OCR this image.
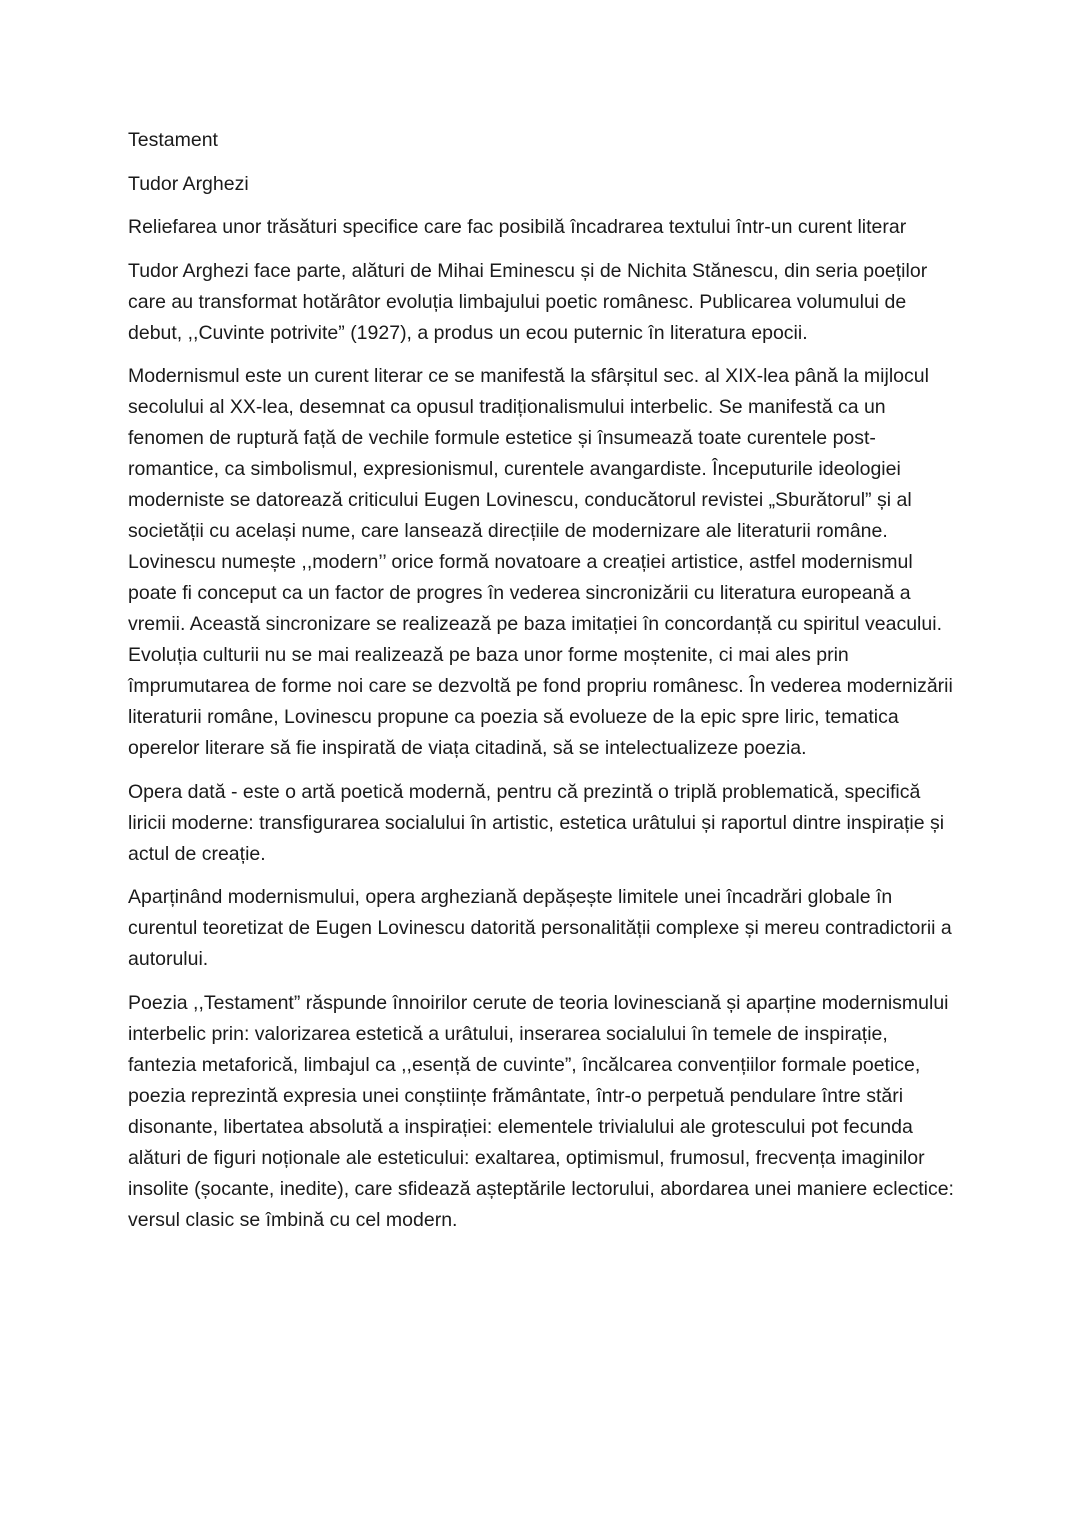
Testament

Tudor Arghezi

Reliefarea unor trăsături specifice care fac posibilă încadrarea textului într-un curent literar

Tudor Arghezi face parte, alături de Mihai Eminescu și de Nichita Stănescu, din seria poeților care au transformat hotărâtor evoluția limbajului poetic românesc. Publicarea volumului de debut, ,,Cuvinte potrivite” (1927), a produs un ecou puternic în literatura epocii.

Modernismul este un curent literar ce se manifestă la sfârșitul sec. al XIX-lea până la mijlocul secolului al XX-lea, desemnat ca opusul tradiționalismului interbelic. Se manifestă ca un fenomen de ruptură față de vechile formule estetice și însumează toate curentele post-romantice, ca simbolismul, expresionismul, curentele avangardiste. Începuturile ideologiei moderniste se datorează criticului Eugen Lovinescu, conducătorul revistei „Sburătorul” și al societății cu același nume, care lansează direcțiile de modernizare ale literaturii române. Lovinescu numește ,,modern’’ orice formă novatoare a creației artistice, astfel modernismul poate fi conceput ca un factor de progres în vederea sincronizării cu literatura europeană a vremii. Această sincronizare se realizează pe baza imitației în concordanță cu spiritul veacului. Evoluția culturii nu se mai realizează pe baza unor forme moștenite, ci mai ales prin împrumutarea de forme noi care se dezvoltă pe fond propriu românesc. În vederea modernizării literaturii române, Lovinescu propune ca poezia să evolueze de la epic spre liric, tematica operelor literare să fie inspirată de viața citadină, să se intelectualizeze poezia.

Opera dată - este o artă poetică modernă, pentru că prezintă o triplă problematică, specifică liricii moderne: transfigurarea socialului în artistic, estetica urâtului și raportul dintre inspirație și actul de creație.

Aparținând modernismului, opera argheziană depășește limitele unei încadrări globale în curentul teoretizat de Eugen Lovinescu datorită personalității complexe și mereu contradictorii a autorului.

Poezia ,,Testament” răspunde înnoirilor cerute de teoria lovinesciană și aparține modernismului interbelic prin: valorizarea estetică a urâtului, inserarea socialului în temele de inspirație, fantezia metaforică, limbajul ca ,,esență de cuvinte”, încălcarea convențiilor formale poetice, poezia reprezintă expresia unei conștiințe frământate, într-o perpetuă pendulare între stări disonante, libertatea absolută a inspirației: elementele trivialului ale grotescului pot fecunda alături de figuri noționale ale esteticului: exaltarea, optimismul, frumosul, frecvența imaginilor insolite (șocante, inedite), care sfidează așteptările lectorului, abordarea unei maniere eclectice: versul clasic se îmbină cu cel modern.
